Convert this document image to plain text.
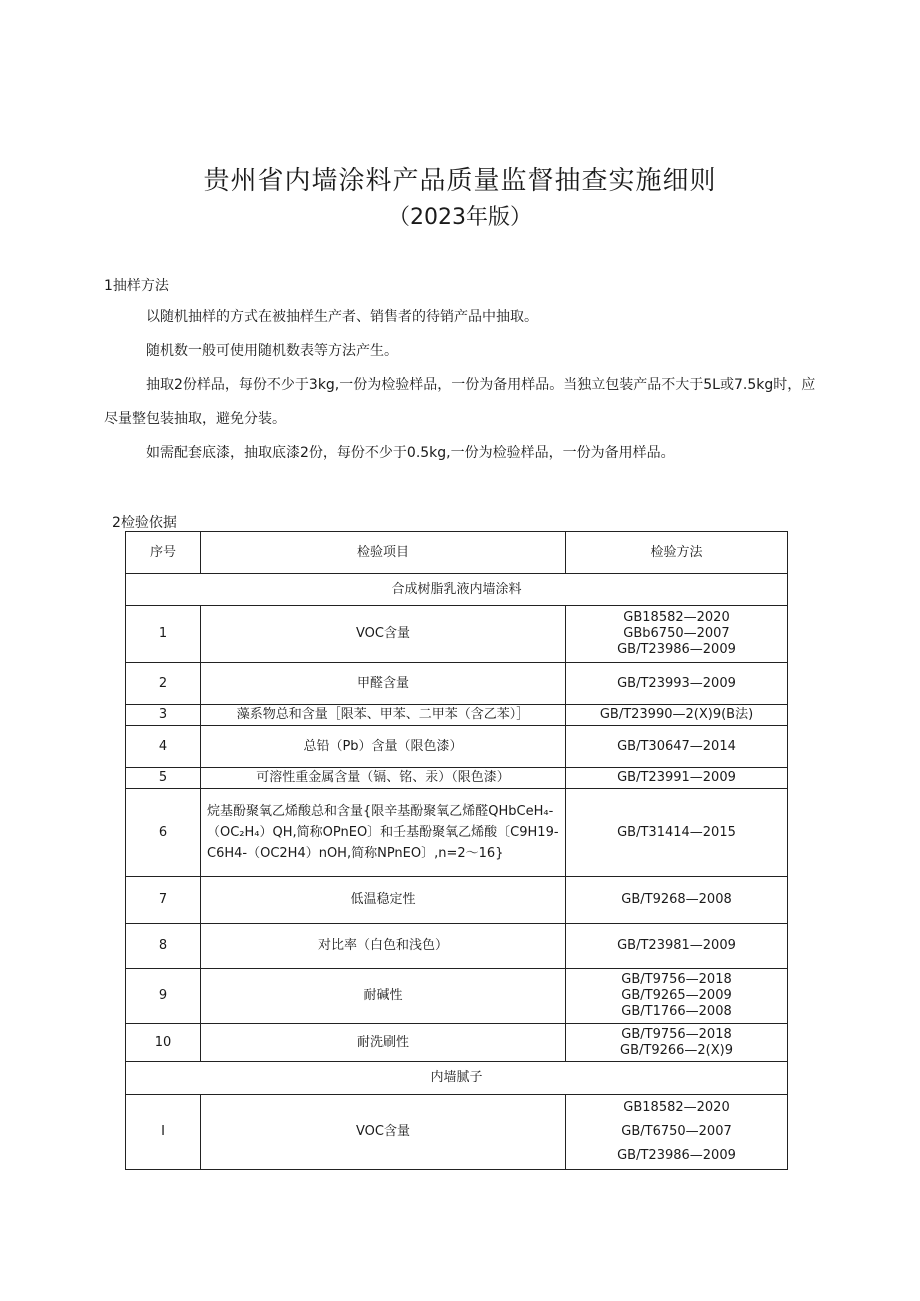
贵州省内墙涂料产品质量监督抽查实施细则
（2023年版）
1抽样方法

以随机抽样的方式在被抽样生产者、销售者的待销产品中抽取。

随机数一般可使用随机数表等方法产生。

抽取2份样品，每份不少于3kg,一份为检验样品，一份为备用样品。当独立包装产品不大于5L或7.5kg时，应尽量整包装抽取，避免分装。

如需配套底漆，抽取底漆2份，每份不少于0.5kg,一份为检验样品，一份为备用样品。

2检验依据
序号	检验项目	检验方法
合成树脂乳液内墙涂料		
1	VOC含量	GB18582—2020
GBb6750—2007
GB/T23986—2009

2	甲醛含量	GB/T23993—2009

3	藻系物总和含量［限苯、甲苯、二甲苯（含乙苯）］	GB/T23990—2(X)9(B法)

4	总铅（Pb）含量（限色漆）	GB/T30647—2014

5	可溶性重金属含量（镉、铭、汞）（限色漆）	GB/T23991—2009

6	烷基酚聚氧乙烯酸总和含量{限辛基酚聚氧乙烯醛QHbCeH₄-（OC₂H₄）QH,简称OPnEO〕和壬基酚聚氧乙烯酸〔C9H19-C6H4-（OC2H4）nOH,简称NPnEO〕,n=2～16}	GB/T31414—2015

7	低温稳定性	GB/T9268—2008

8	对比率（白色和浅色）	GB/T23981—2009

9	耐碱性	GB/T9756—2018
GB/T9265—2009
GB/T1766—2008

10	耐洗刷性	GB/T9756—2018
GB/T9266—2(X)9

内墙腻子		
I	VOC含量	GB18582—2020
GB/T6750—2007
GB/T23986—2009
